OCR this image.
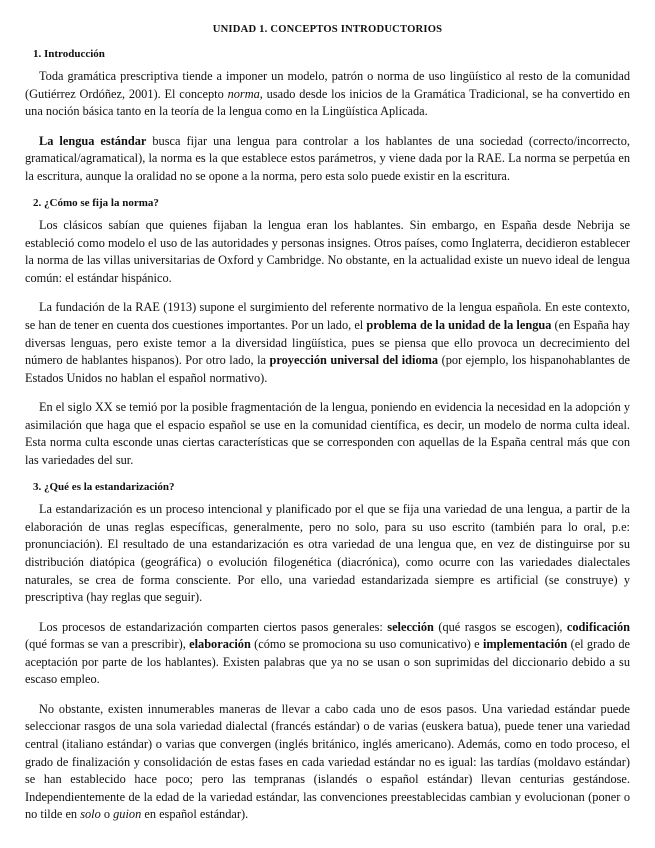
UNIDAD 1. CONCEPTOS INTRODUCTORIOS
1. Introducción

Toda gramática prescriptiva tiende a imponer un modelo, patrón o norma de uso lingüístico al resto de la comunidad (Gutiérrez Ordóñez, 2001). El concepto norma, usado desde los inicios de la Gramática Tradicional, se ha convertido en una noción básica tanto en la teoría de la lengua como en la Lingüística Aplicada.

La lengua estándar busca fijar una lengua para controlar a los hablantes de una sociedad (correcto/incorrecto, gramatical/agramatical), la norma es la que establece estos parámetros, y viene dada por la RAE. La norma se perpetúa en la escritura, aunque la oralidad no se opone a la norma, pero esta solo puede existir en la escritura.

2. ¿Cómo se fija la norma?

Los clásicos sabían que quienes fijaban la lengua eran los hablantes. Sin embargo, en España desde Nebrija se estableció como modelo el uso de las autoridades y personas insignes. Otros países, como Inglaterra, decidieron establecer la norma de las villas universitarias de Oxford y Cambridge. No obstante, en la actualidad existe un nuevo ideal de lengua común: el estándar hispánico.

La fundación de la RAE (1913) supone el surgimiento del referente normativo de la lengua española. En este contexto, se han de tener en cuenta dos cuestiones importantes. Por un lado, el problema de la unidad de la lengua (en España hay diversas lenguas, pero existe temor a la diversidad lingüística, pues se piensa que ello provoca un decrecimiento del número de hablantes hispanos). Por otro lado, la proyección universal del idioma (por ejemplo, los hispanohablantes de Estados Unidos no hablan el español normativo).

En el siglo XX se temió por la posible fragmentación de la lengua, poniendo en evidencia la necesidad en la adopción y asimilación que haga que el espacio español se use en la comunidad científica, es decir, un modelo de norma culta ideal. Esta norma culta esconde unas ciertas características que se corresponden con aquellas de la España central más que con las variedades del sur.

3. ¿Qué es la estandarización?

La estandarización es un proceso intencional y planificado por el que se fija una variedad de una lengua, a partir de la elaboración de unas reglas específicas, generalmente, pero no solo, para su uso escrito (también para lo oral, p.e: pronunciación). El resultado de una estandarización es otra variedad de una lengua que, en vez de distinguirse por su distribución diatópica (geográfica) o evolución filogenética (diacrónica), como ocurre con las variedades dialectales naturales, se crea de forma consciente. Por ello, una variedad estandarizada siempre es artificial (se construye) y prescriptiva (hay reglas que seguir).

Los procesos de estandarización comparten ciertos pasos generales: selección (qué rasgos se escogen), codificación (qué formas se van a prescribir), elaboración (cómo se promociona su uso comunicativo) e implementación (el grado de aceptación por parte de los hablantes). Existen palabras que ya no se usan o son suprimidas del diccionario debido a su escaso empleo.

No obstante, existen innumerables maneras de llevar a cabo cada uno de esos pasos. Una variedad estándar puede seleccionar rasgos de una sola variedad dialectal (francés estándar) o de varias (euskera batua), puede tener una variedad central (italiano estándar) o varias que convergen (inglés británico, inglés americano). Además, como en todo proceso, el grado de finalización y consolidación de estas fases en cada variedad estándar no es igual: las tardías (moldavo estándar) se han establecido hace poco; pero las tempranas (islandés o español estándar) llevan centurias gestándose. Independientemente de la edad de la variedad estándar, las convenciones preestablecidas cambian y evolucionan (poner o no tilde en solo o guion en español estándar).
